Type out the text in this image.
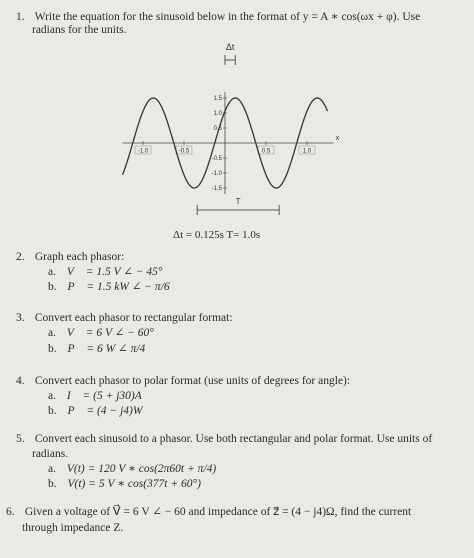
1. Write the equation for the sinusoid below in the format of y = A ∗ cos(ωx + φ). Use
radians for the units.
x
-1.0	-0.5	0.5	1.0
1.5
1.0
0.5
-0.5
-1.0
-1.5
Δt
T
Δt = 0.125s T= 1.0s
2. Graph each phasor:
a. V⃗ = 1.5 V ∠ − 45°
b. P⃗ = 1.5 kW ∠ − π/6
3. Convert each phasor to rectangular format:
a. V⃗ = 6 V ∠ − 60°
b. P⃗ = 6 W ∠ π/4
4. Convert each phasor to polar format (use units of degrees for angle):
a. I⃗ = (5 + j30)A
b. P⃗ = (4 − j4)W
5. Convert each sinusoid to a phasor. Use both rectangular and polar format. Use units of
radians.
a. V(t) = 120 V ∗ cos(2π60t + π/4)
b. V(t) = 5 V ∗ cos(377t + 60°)
6. Given a voltage of V⃗ = 6 V ∠ − 60 and impedance of z⃗ = (4 − j4)Ω, find the current
through impedance Z.
